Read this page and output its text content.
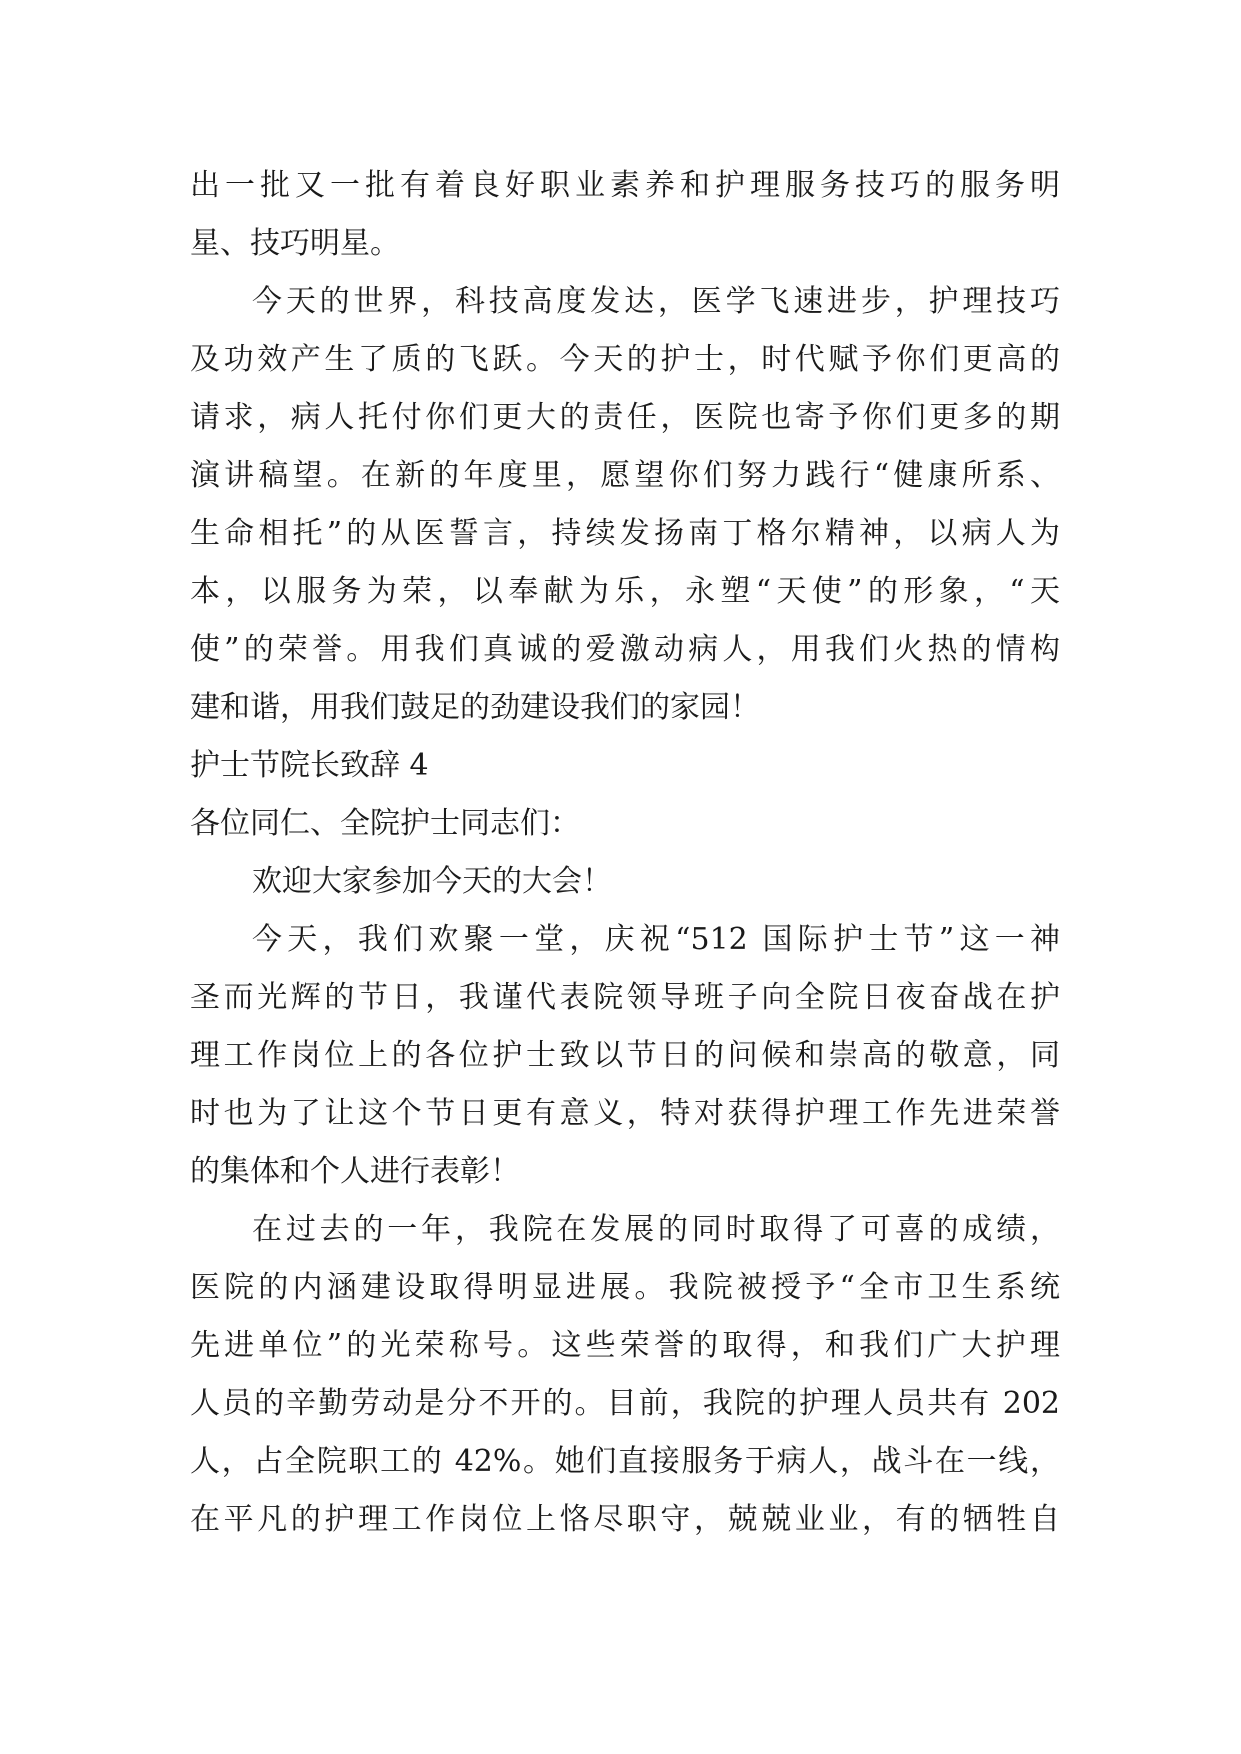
出一批又一批有着良好职业素养和护理服务技巧的服务明
星、技巧明星。
今天的世界，科技高度发达，医学飞速进步，护理技巧
及功效产生了质的飞跃。今天的护士，时代赋予你们更高的
请求，病人托付你们更大的责任，医院也寄予你们更多的期
演讲稿望。在新的年度里，愿望你们努力践行“健康所系、
生命相托”的从医誓言，持续发扬南丁格尔精神，以病人为
本，以服务为荣，以奉献为乐，永塑“天使”的形象，“天
使”的荣誉。用我们真诚的爱激动病人，用我们火热的情构
建和谐，用我们鼓足的劲建设我们的家园！
护士节院长致辞 4
各位同仁、全院护士同志们：
欢迎大家参加今天的大会！
今天，我们欢聚一堂，庆祝“512 国际护士节”这一神
圣而光辉的节日，我谨代表院领导班子向全院日夜奋战在护
理工作岗位上的各位护士致以节日的问候和崇高的敬意，同
时也为了让这个节日更有意义，特对获得护理工作先进荣誉
的集体和个人进行表彰！
在过去的一年，我院在发展的同时取得了可喜的成绩，
医院的内涵建设取得明显进展。我院被授予“全市卫生系统
先进单位”的光荣称号。这些荣誉的取得，和我们广大护理
人员的辛勤劳动是分不开的。目前，我院的护理人员共有 202
人，占全院职工的 42%。她们直接服务于病人，战斗在一线，
在平凡的护理工作岗位上恪尽职守，兢兢业业，有的牺牲自
